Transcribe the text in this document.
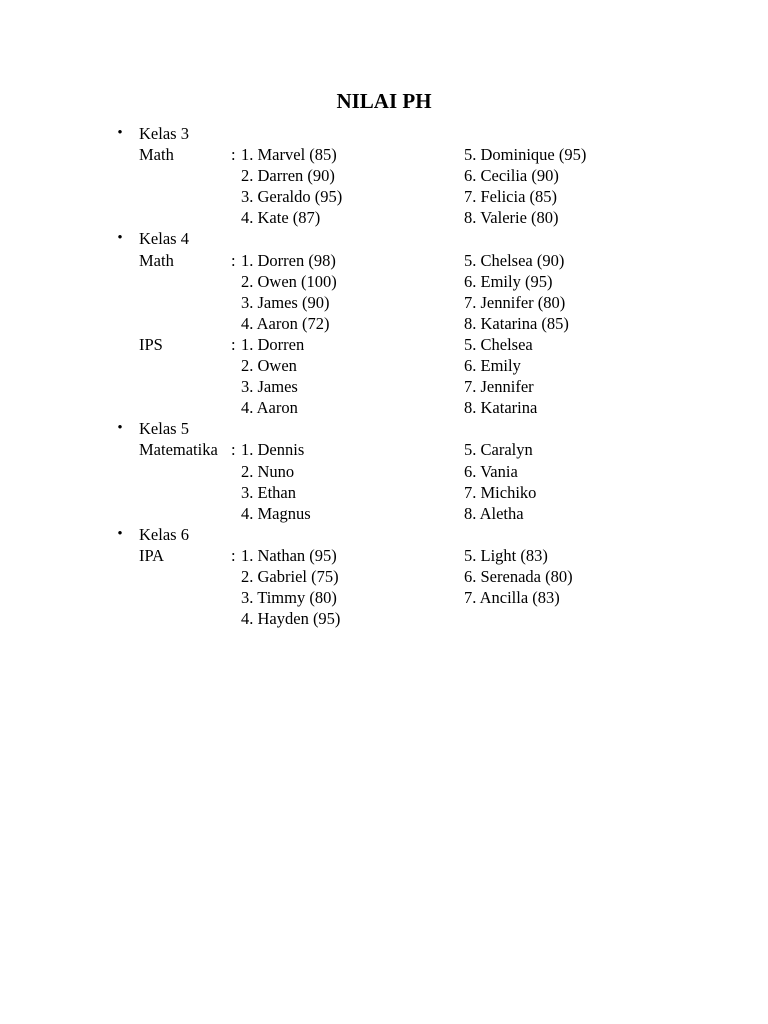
NILAI PH
• Kelas 3
Math	: 1. Marvel (85)	5. Dominique (95)
2. Darren (90)	6. Cecilia (90)
3. Geraldo (95)	7. Felicia (85)
4. Kate (87)	8. Valerie (80)
• Kelas 4
Math	: 1. Dorren (98)	5. Chelsea (90)
2. Owen (100)	6. Emily (95)
3. James (90)	7. Jennifer (80)
4. Aaron (72)	8. Katarina (85)
IPS	: 1. Dorren	5. Chelsea
2. Owen	6. Emily
3. James	7. Jennifer
4. Aaron	8. Katarina
• Kelas 5
Matematika : 1. Dennis	5. Caralyn
2. Nuno	6. Vania
3. Ethan	7. Michiko
4. Magnus	8. Aletha
• Kelas 6
IPA	: 1. Nathan (95)	5. Light (83)
2. Gabriel (75)	6. Serenada (80)
3. Timmy (80)	7. Ancilla (83)
4. Hayden (95)
